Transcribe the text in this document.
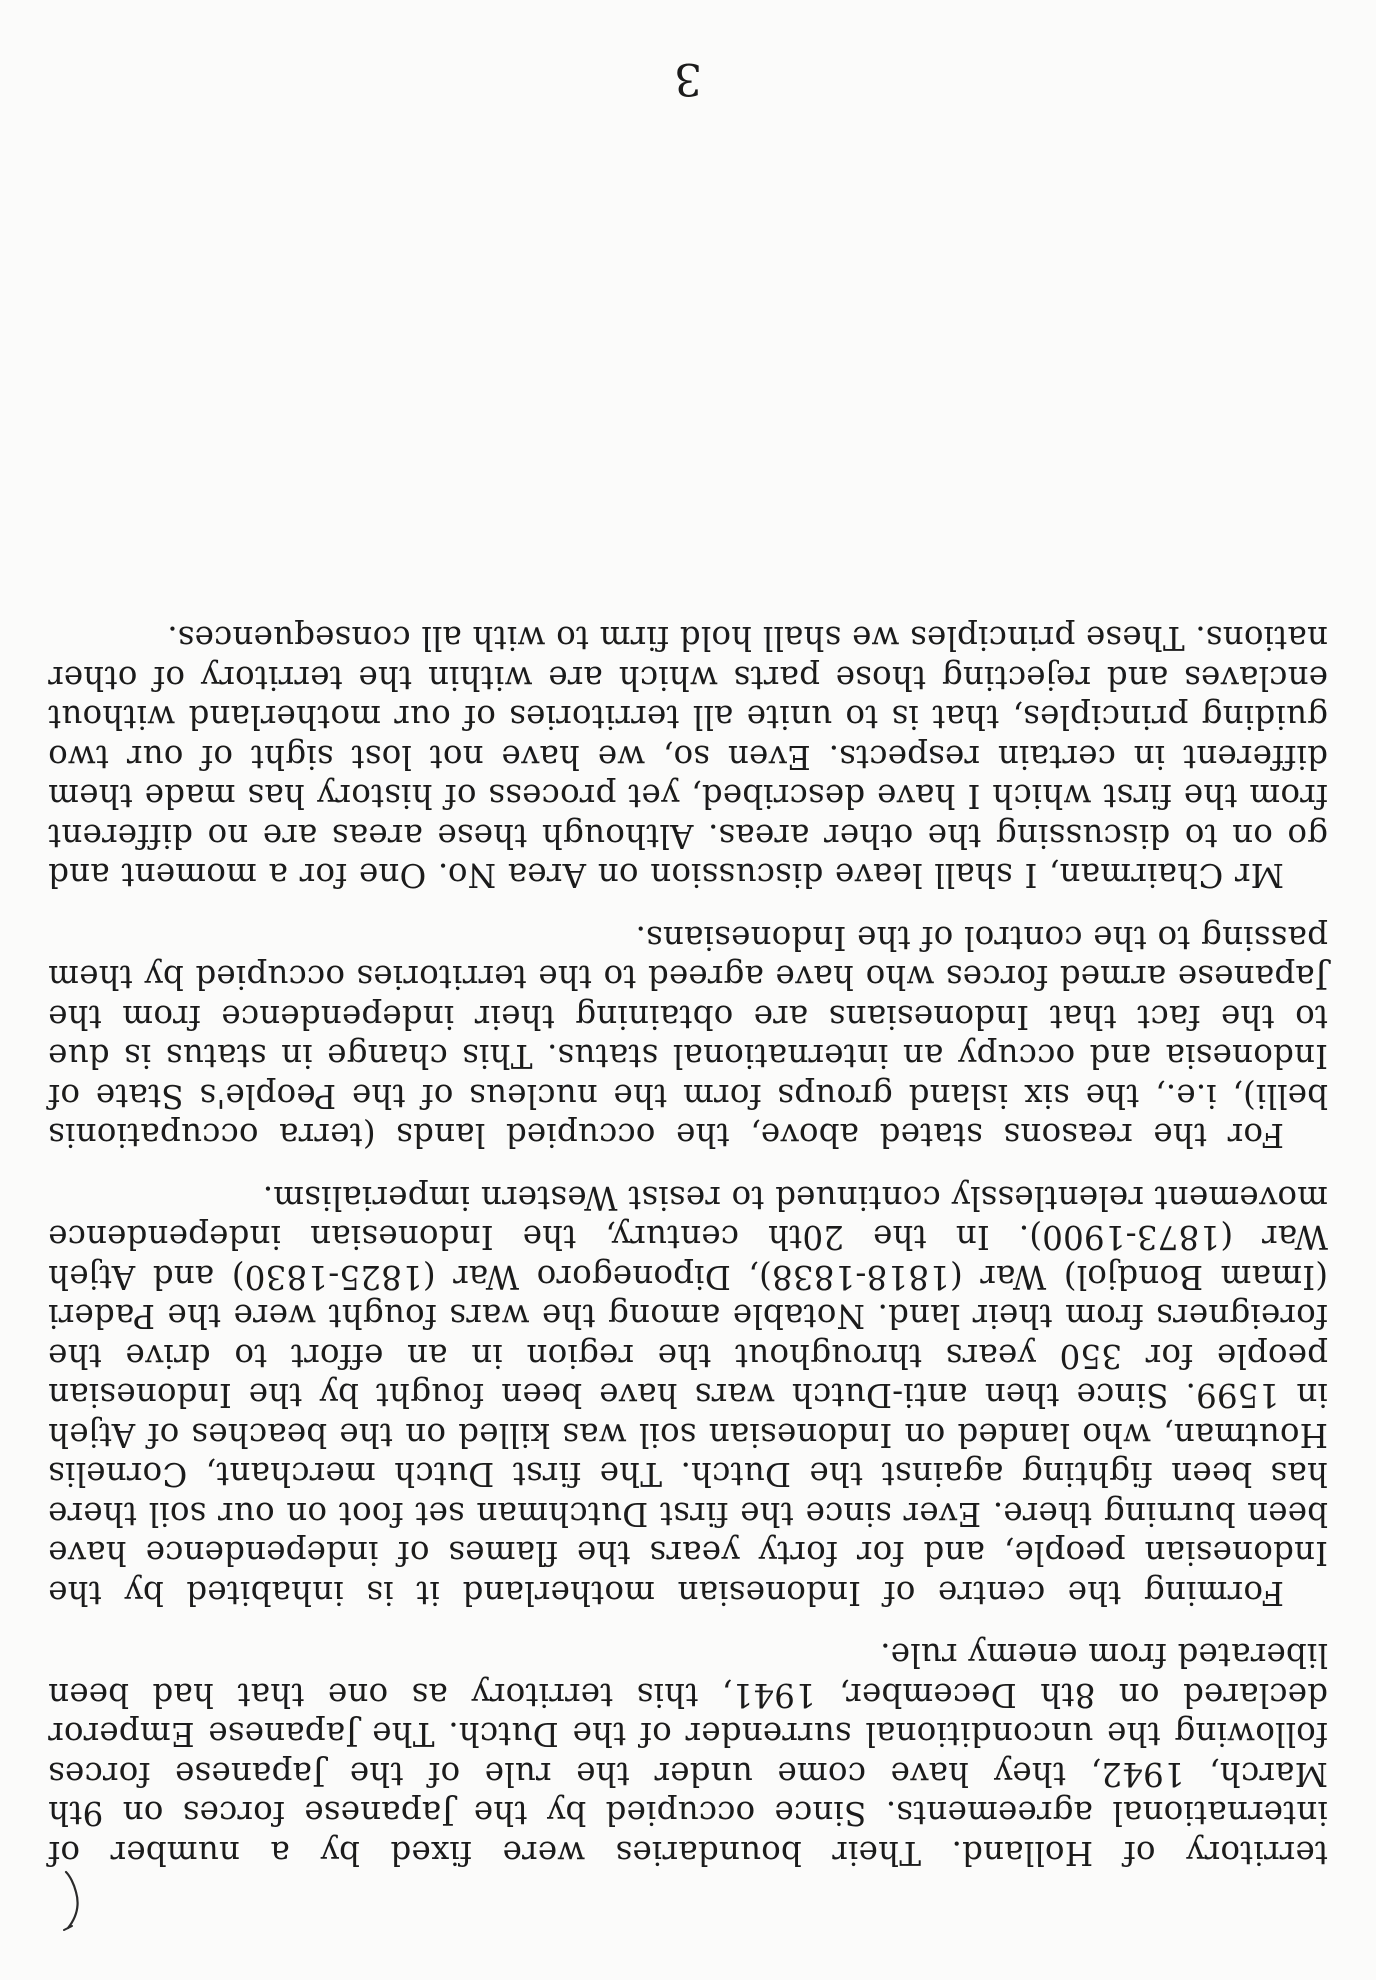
territory of Holland. Their boundaries were fixed by a number of international agreements. Since occupied by the Japanese forces on 9th March, 1942, they have come under the rule of the Japanese forces following the unconditional surrender of the Dutch. The Japanese Emperor declared on 8th December, 1941, this territory as one that had been liberated from enemy rule.

Forming the centre of Indonesian motherland it is inhabited by the Indonesian people, and for forty years the flames of independence have been burning there. Ever since the first Dutchman set foot on our soil there has been fighting against the Dutch. The first Dutch merchant, Cornelis Houtman, who landed on Indonesian soil was killed on the beaches of Atjeh in 1599. Since then anti-Dutch wars have been fought by the Indonesian people for 350 years throughout the region in an effort to drive the foreigners from their land. Notable among the wars fought were the Paderi (Imam Bondjol) War (1818-1838), Diponegoro War (1825-1830) and Atjeh War (1873-1900). In the 20th century, the Indonesian independence movement relentlessly continued to resist Western imperialism.

For the reasons stated above, the occupied lands (terra occupationis belli), i.e., the six island groups form the nucleus of the People's State of Indonesia and occupy an international status. This change in status is due to the fact that Indonesians are obtaining their independence from the Japanese armed forces who have agreed to the territories occupied by them passing to the control of the Indonesians.

Mr Chairman, I shall leave discussion on Area No. One for a moment and go on to discussing the other areas. Although these areas are no different from the first which I have described, yet process of history has made them different in certain respects. Even so, we have not lost sight of our two guiding principles, that is to unite all territories of our motherland without enclaves and rejecting those parts which are within the territory of other nations. These principles we shall hold firm to with all consequences.

3
